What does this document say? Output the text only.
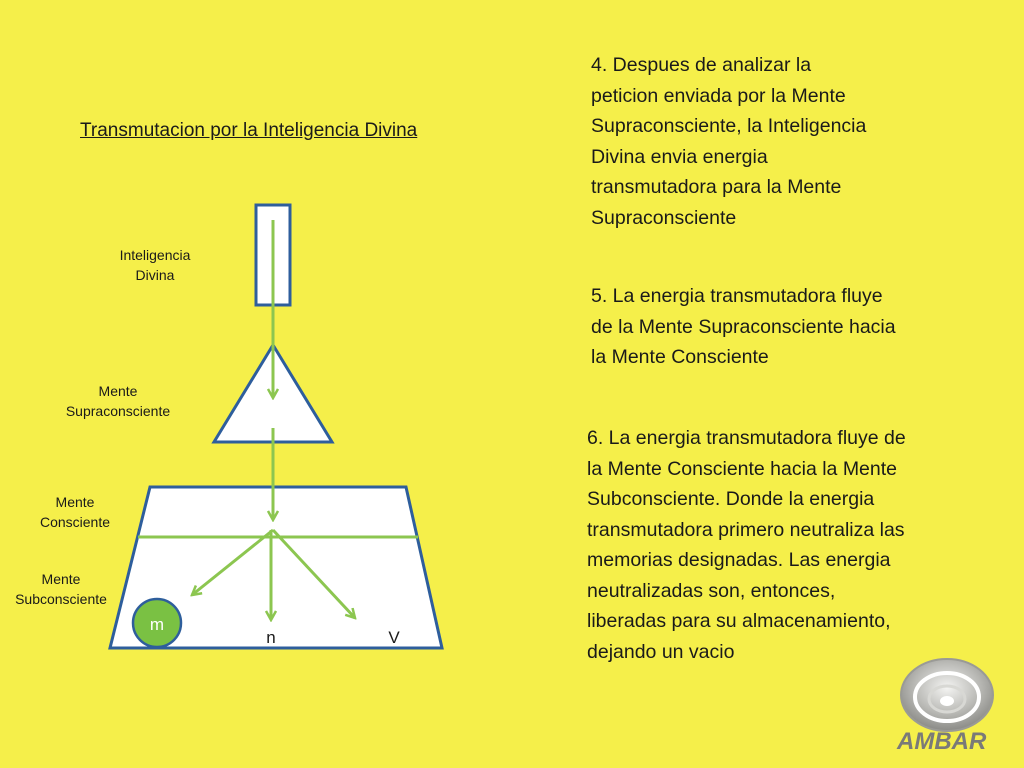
Transmutacion por la Inteligencia Divina
Inteligencia
Divina
Mente
Supraconsciente
Mente
Consciente
Mente
Subconsciente
m
n	V
4. Despues de analizar la
peticion enviada por la Mente
Supraconsciente, la Inteligencia
Divina envia energia
transmutadora para la Mente
Supraconsciente
5. La energia transmutadora fluye
de la Mente Supraconsciente hacia
la Mente Consciente
6. La energia transmutadora fluye de
la Mente Consciente hacia la Mente
Subconsciente. Donde la energia
transmutadora primero neutraliza las
memorias designadas. Las energia
neutralizadas son, entonces,
liberadas para su almacenamiento,
dejando un vacio
AMBAR
